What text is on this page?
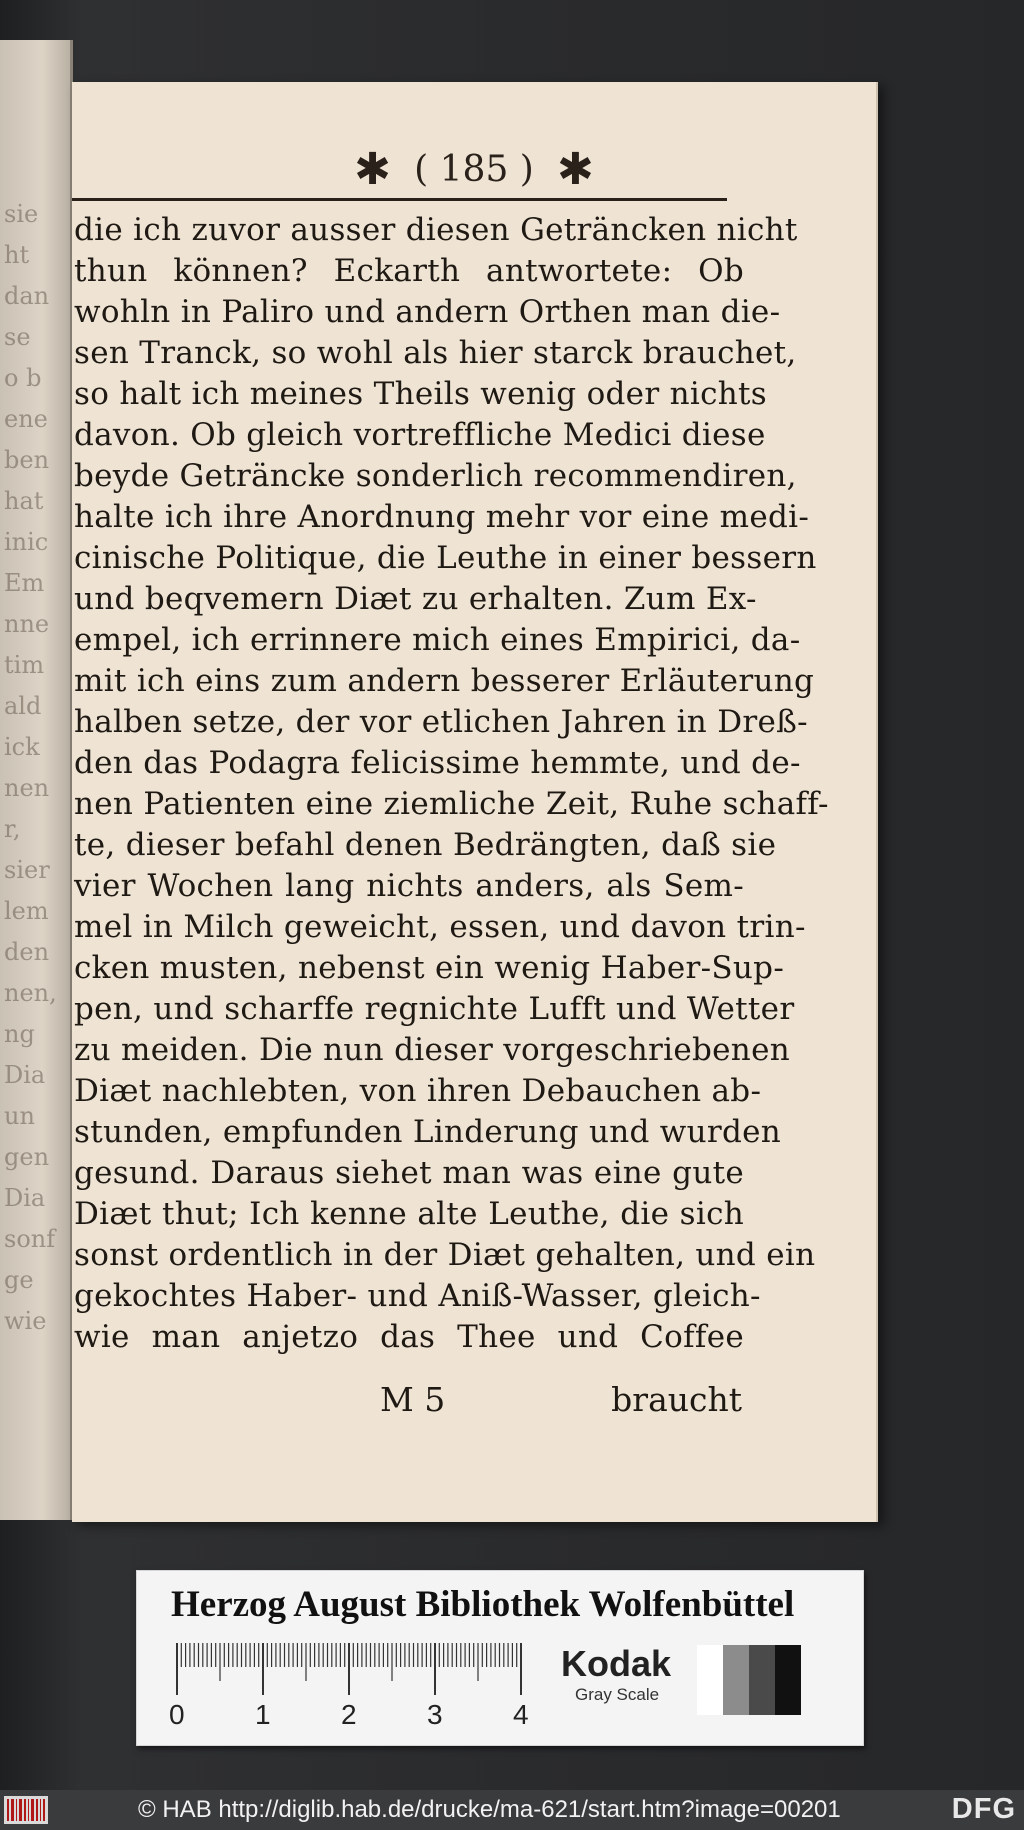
sie
ht
dan
se
o b
ene
ben
hat
inic
Em
nne
tim
ald
ick
nen
r,
sier
lem
den
nen,
ng
Dia
un
gen
Dia
sonf
ge
wie
✱ ( 185 ) ✱
die ich zuvor ausser diesen Geträncken nicht
thun können? Eckarth antwortete: Ob
wohln in Paliro und andern Orthen man die-
sen Tranck, so wohl als hier starck brauchet,
so halt ich meines Theils wenig oder nichts
davon. Ob gleich vortreffliche Medici diese
beyde Geträncke sonderlich recommendiren,
halte ich ihre Anordnung mehr vor eine medi-
cinische Politique, die Leuthe in einer bessern
und beqvemern Diæt zu erhalten. Zum Ex-
empel, ich errinnere mich eines Empirici, da-
mit ich eins zum andern besserer Erläuterung
halben setze, der vor etlichen Jahren in Dreß-
den das Podagra felicissime hemmte, und de-
nen Patienten eine ziemliche Zeit, Ruhe schaff-
te, dieser befahl denen Bedrängten, daß sie
vier Wochen lang nichts anders, als Sem-
mel in Milch geweicht, essen, und davon trin-
cken musten, nebenst ein wenig Haber-Sup-
pen, und scharffe regnichte Lufft und Wetter
zu meiden. Die nun dieser vorgeschriebenen
Diæt nachlebten, von ihren Debauchen ab-
stunden, empfunden Linderung und wurden
gesund. Daraus siehet man was eine gute
Diæt thut; Ich kenne alte Leuthe, die sich
sonst ordentlich in der Diæt gehalten, und ein
gekochtes Haber- und Aniß-Wasser, gleich-
wie man anjetzo das Thee und Coffee
M 5	braucht
Herzog August Bibliothek Wolfenbüttel
0	1	2	3	4
Kodak
Gray Scale
© HAB http://diglib.hab.de/drucke/ma-621/start.htm?image=00201	DFG
